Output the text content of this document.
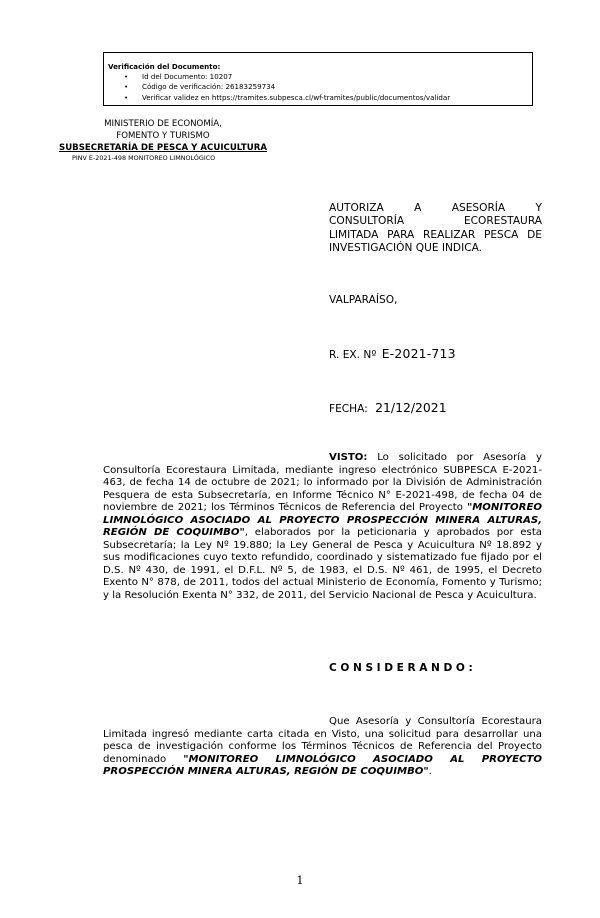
Verificación del Documento:
• Id del Documento: 10207
• Código de verificación: 26183259734
• Verificar validez en https://tramites.subpesca.cl/wf-tramites/public/documentos/validar
MINISTERIO DE ECONOMÍA,
FOMENTO Y TURISMO
SUBSECRETARÍA DE PESCA Y ACUICULTURA
PINV E-2021-498 MONITOREO LIMNOLÓGICO
AUTORIZA A ASESORÍA Y
CONSULTORÍA ECORESTAURA
LIMITADA PARA REALIZAR PESCA DE
INVESTIGACIÓN QUE INDICA.
VALPARAÍSO,
R. EX. Nº E-2021-713
FECHA: 21/12/2021
VISTO: Lo solicitado por Asesoría y Consultoría Ecorestaura Limitada, mediante ingreso electrónico SUBPESCA E-2021-463, de fecha 14 de octubre de 2021; lo informado por la División de Administración Pesquera de esta Subsecretaría, en Informe Técnico N° E-2021-498, de fecha 04 de noviembre de 2021; los Términos Técnicos de Referencia del Proyecto "MONITOREO LIMNOLÓGICO ASOCIADO AL PROYECTO PROSPECCIÓN MINERA ALTURAS, REGIÓN DE COQUIMBO", elaborados por la peticionaria y aprobados por esta Subsecretaría; la Ley Nº 19.880; la Ley General de Pesca y Acuicultura Nº 18.892 y sus modificaciones cuyo texto refundido, coordinado y sistematizado fue fijado por el D.S. Nº 430, de 1991, el D.F.L. Nº 5, de 1983, el D.S. Nº 461, de 1995, el Decreto Exento N° 878, de 2011, todos del actual Ministerio de Economía, Fomento y Turismo; y la Resolución Exenta N° 332, de 2011, del Servicio Nacional de Pesca y Acuicultura.
CONSIDERANDO:
Que Asesoría y Consultoría Ecorestaura Limitada ingresó mediante carta citada en Visto, una solicitud para desarrollar una pesca de investigación conforme los Términos Técnicos de Referencia del Proyecto denominado "MONITOREO LIMNOLÓGICO ASOCIADO AL PROYECTO PROSPECCIÓN MINERA ALTURAS, REGIÓN DE COQUIMBO".
1
